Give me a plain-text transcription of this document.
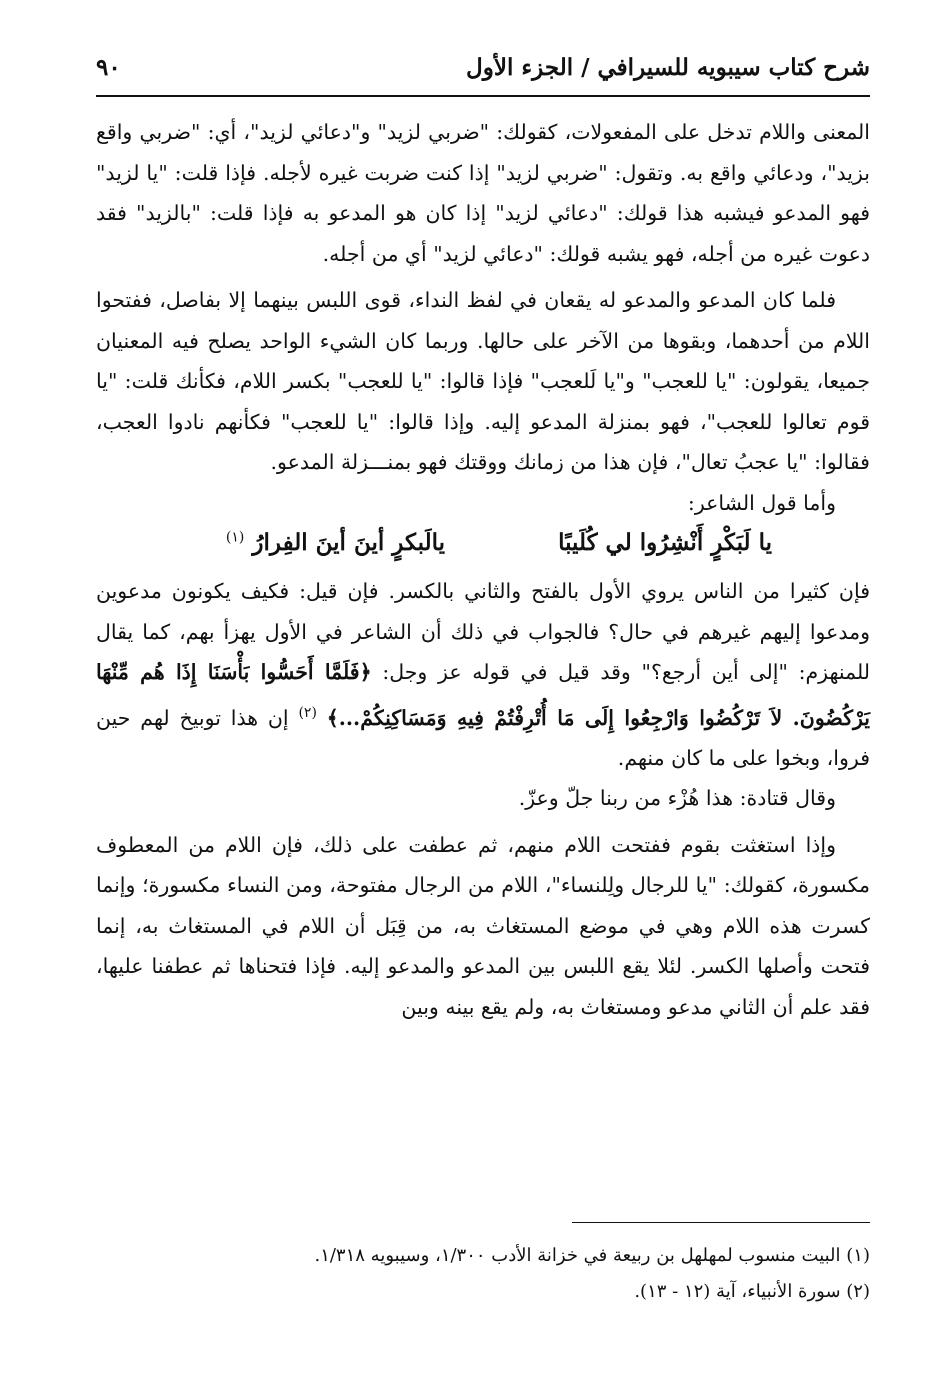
شرح كتاب سيبويه للسيرافي / الجزء الأول
٩٠

المعنى واللام تدخل على المفعولات، كقولك: "ضربي لزيد" و"دعائي لزيد"، أي: "ضربي واقع بزيد"، ودعائي واقع به. وتقول: "ضربي لزيد" إذا كنت ضربت غيره لأجله. فإذا قلت: "يا لزيد" فهو المدعو فيشبه هذا قولك: "دعائي لزيد" إذا كان هو المدعو به فإذا قلت: "بالزيد" فقد دعوت غيره من أجله، فهو يشبه قولك: "دعائي لزيد" أي من أجله.

فلما كان المدعو والمدعو له يقعان في لفظ النداء، قوى اللبس بينهما إلا بفاصل، ففتحوا اللام من أحدهما، وبقوها من الآخر على حالها. وربما كان الشيء الواحد يصلح فيه المعنيان جميعا، يقولون: "يا للعجب" و"يا لَلعجب" فإذا قالوا: "يا للعجب" بكسر اللام، فكأنك قلت: "يا قوم تعالوا للعجب"، فهو بمنزلة المدعو إليه. وإذا قالوا: "يا للعجب" فكأنهم نادوا العجب، فقالوا: "يا عجبُ تعال"، فإن هذا من زمانك ووقتك فهو بمنـــزلة المدعو.

وأما قول الشاعر:

يا لَبَكْرٍ أَنْشِرُوا لي كُلَيبًا
يالَبكرٍ أينَ أينَ الفِرارُ $^{(١)}$

فإن كثيرا من الناس يروي الأول بالفتح والثاني بالكسر. فإن قيل: فكيف يكونون مدعوين ومدعوا إليهم غيرهم في حال؟ فالجواب في ذلك أن الشاعر في الأول يهزأ بهم، كما يقال للمنهزم: "إلى أين أرجع؟" وقد قيل في قوله عز وجل: ﴿فَلَمَّا أَحَسُّوا بَأْسَنَا إِذَا هُم مِّنْهَا يَرْكُضُونَ. لاَ تَرْكُضُوا وَارْجِعُوا إِلَى مَا أُتْرِفْتُمْ فِيهِ وَمَسَاكِنِكُمْ...﴾ $^{(٢)}$ إن هذا توبيخ لهم حين فروا، وبخوا على ما كان منهم.

وقال قتادة: هذا هُزْء من ربنا جلّ وعزّ.

وإذا استغثت بقوم ففتحت اللام منهم، ثم عطفت على ذلك، فإن اللام من المعطوف مكسورة، كقولك: "يا للرجال ولِلنساء"، اللام من الرجال مفتوحة، ومن النساء مكسورة؛ وإنما كسرت هذه اللام وهي في موضع المستغاث به، من قِبَل أن اللام في المستغاث به، إنما فتحت وأصلها الكسر. لئلا يقع اللبس بين المدعو والمدعو إليه. فإذا فتحناها ثم عطفنا عليها، فقد علم أن الثاني مدعو ومستغاث به، ولم يقع بينه وبين

(١) البيت منسوب لمهلهل بن ربيعة في خزانة الأدب ١/٣٠٠، وسيبويه ١/٣١٨.

(٢) سورة الأنبياء، آية (١٢ - ١٣).
